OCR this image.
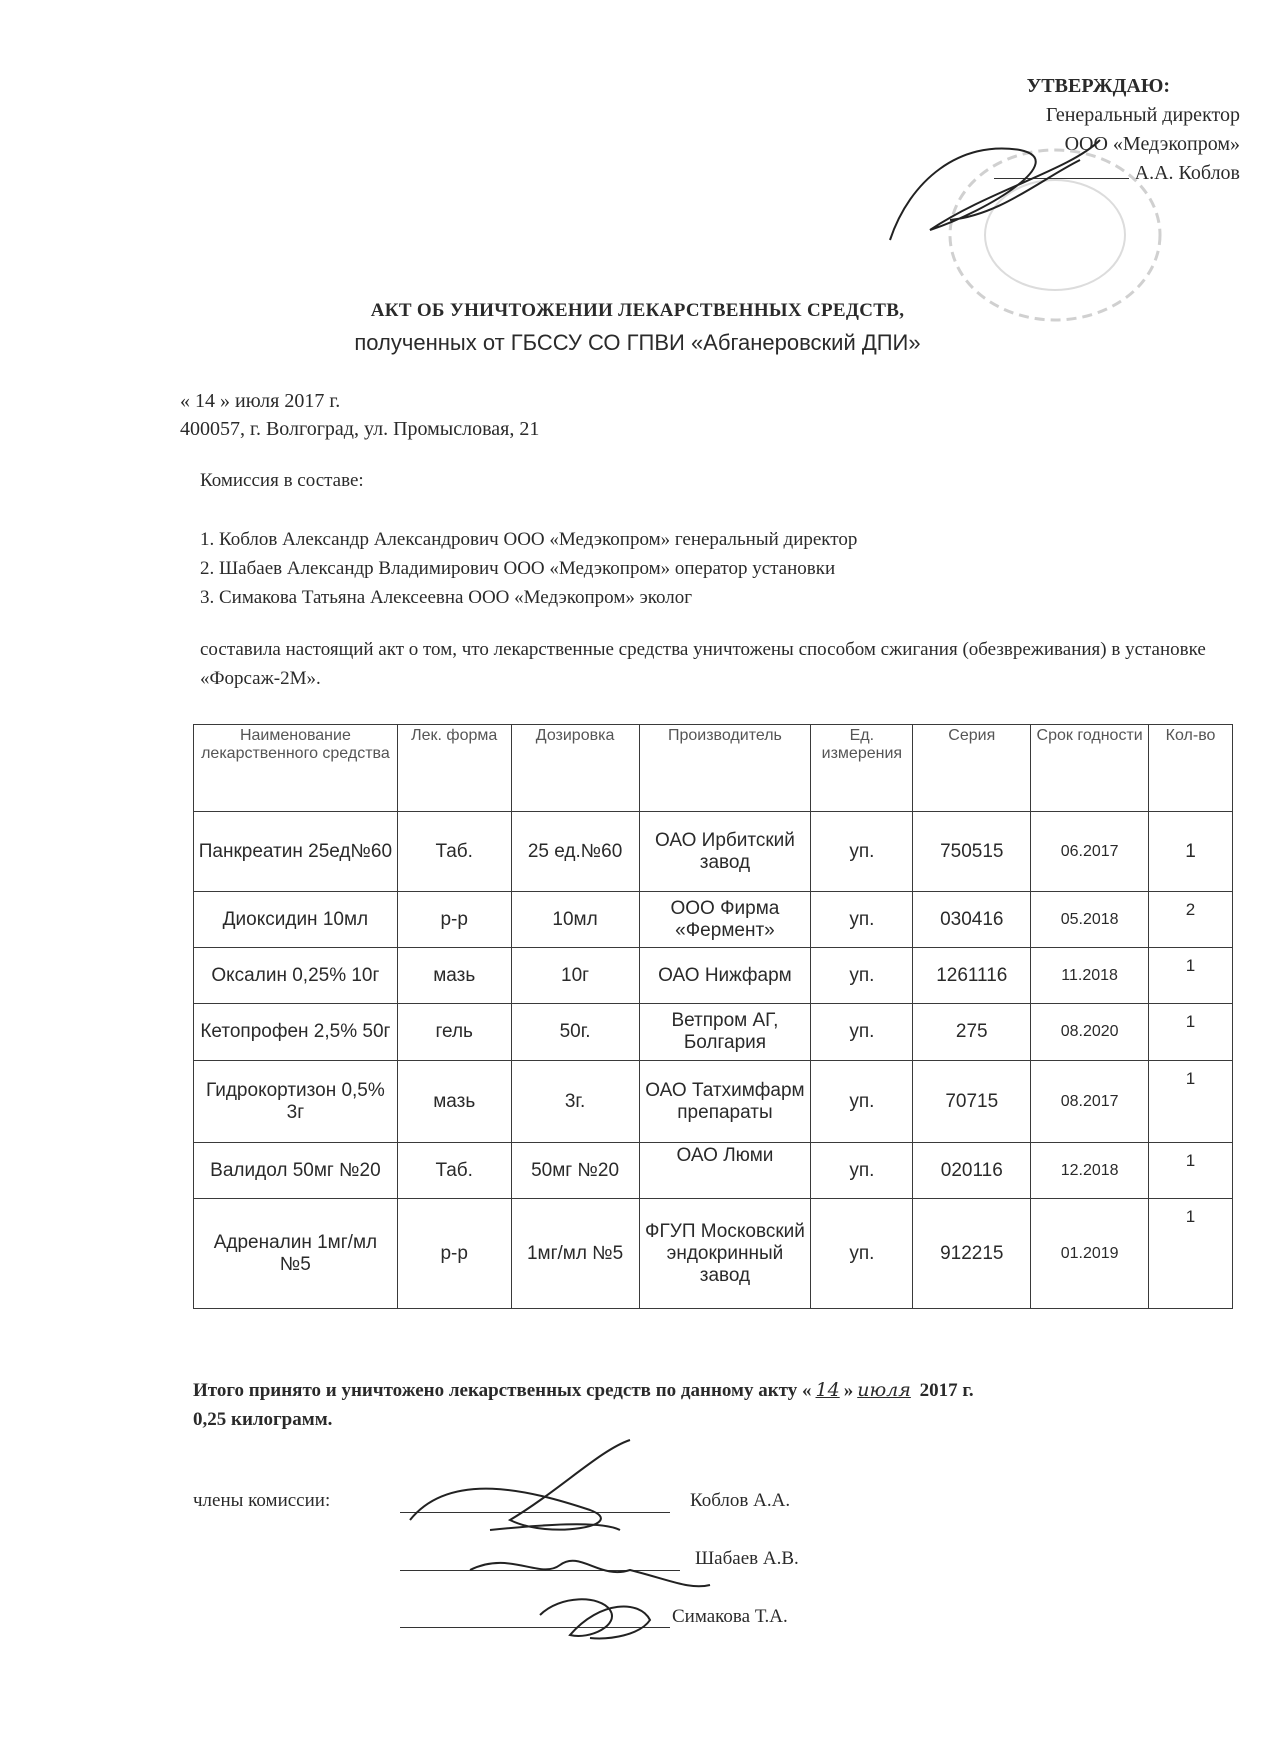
УТВЕРЖДАЮ:
Генеральный директор
ООО «Медэкопром»
А.А. Коблов
АКТ ОБ УНИЧТОЖЕНИИ ЛЕКАРСТВЕННЫХ СРЕДСТВ,
полученных от ГБССУ СО ГПВИ «Абганеровский ДПИ»
« 14 » июля 2017 г.
400057, г. Волгоград, ул. Промысловая, 21
Комиссия в составе:
1. Коблов Александр Александрович ООО «Медэкопром» генеральный директор
2. Шабаев Александр Владимирович ООО «Медэкопром» оператор установки
3. Симакова Татьяна Алексеевна ООО «Медэкопром» эколог
составила настоящий акт о том, что лекарственные средства уничтожены способом сжигания (обезвреживания) в установке «Форсаж-2М».
Наименование лекарственного средства	Лек. форма	Дозировка	Производитель	Ед. измерения	Серия	Срок годности	Кол-во
Панкреатин 25ед№60	Таб.	25 ед.№60	ОАО Ирбитский завод	уп.	750515	06.2017	1
Диоксидин 10мл	р-р	10мл	ООО Фирма «Фермент»	уп.	030416	05.2018	2
Оксалин 0,25% 10г	мазь	10г	ОАО Нижфарм	уп.	1261116	11.2018	1
Кетопрофен 2,5% 50г	гель	50г.	Ветпром АГ, Болгария	уп.	275	08.2020	1
Гидрокортизон 0,5% 3г	мазь	3г.	ОАО Татхимфармпрепараты	уп.	70715	08.2017	1
Валидол 50мг №20	Таб.	50мг №20	ОАО Люми	уп.	020116	12.2018	1
Адреналин 1мг/мл №5	р-р	1мг/мл №5	ФГУП Московский эндокринный завод	уп.	912215	01.2019	1
Итого принято и уничтожено лекарственных средств по данному акту « 14 » июля 2017 г.
0,25 килограмм.
члены комиссии:	Коблов А.А.
Шабаев А.В.
Симакова Т.А.
